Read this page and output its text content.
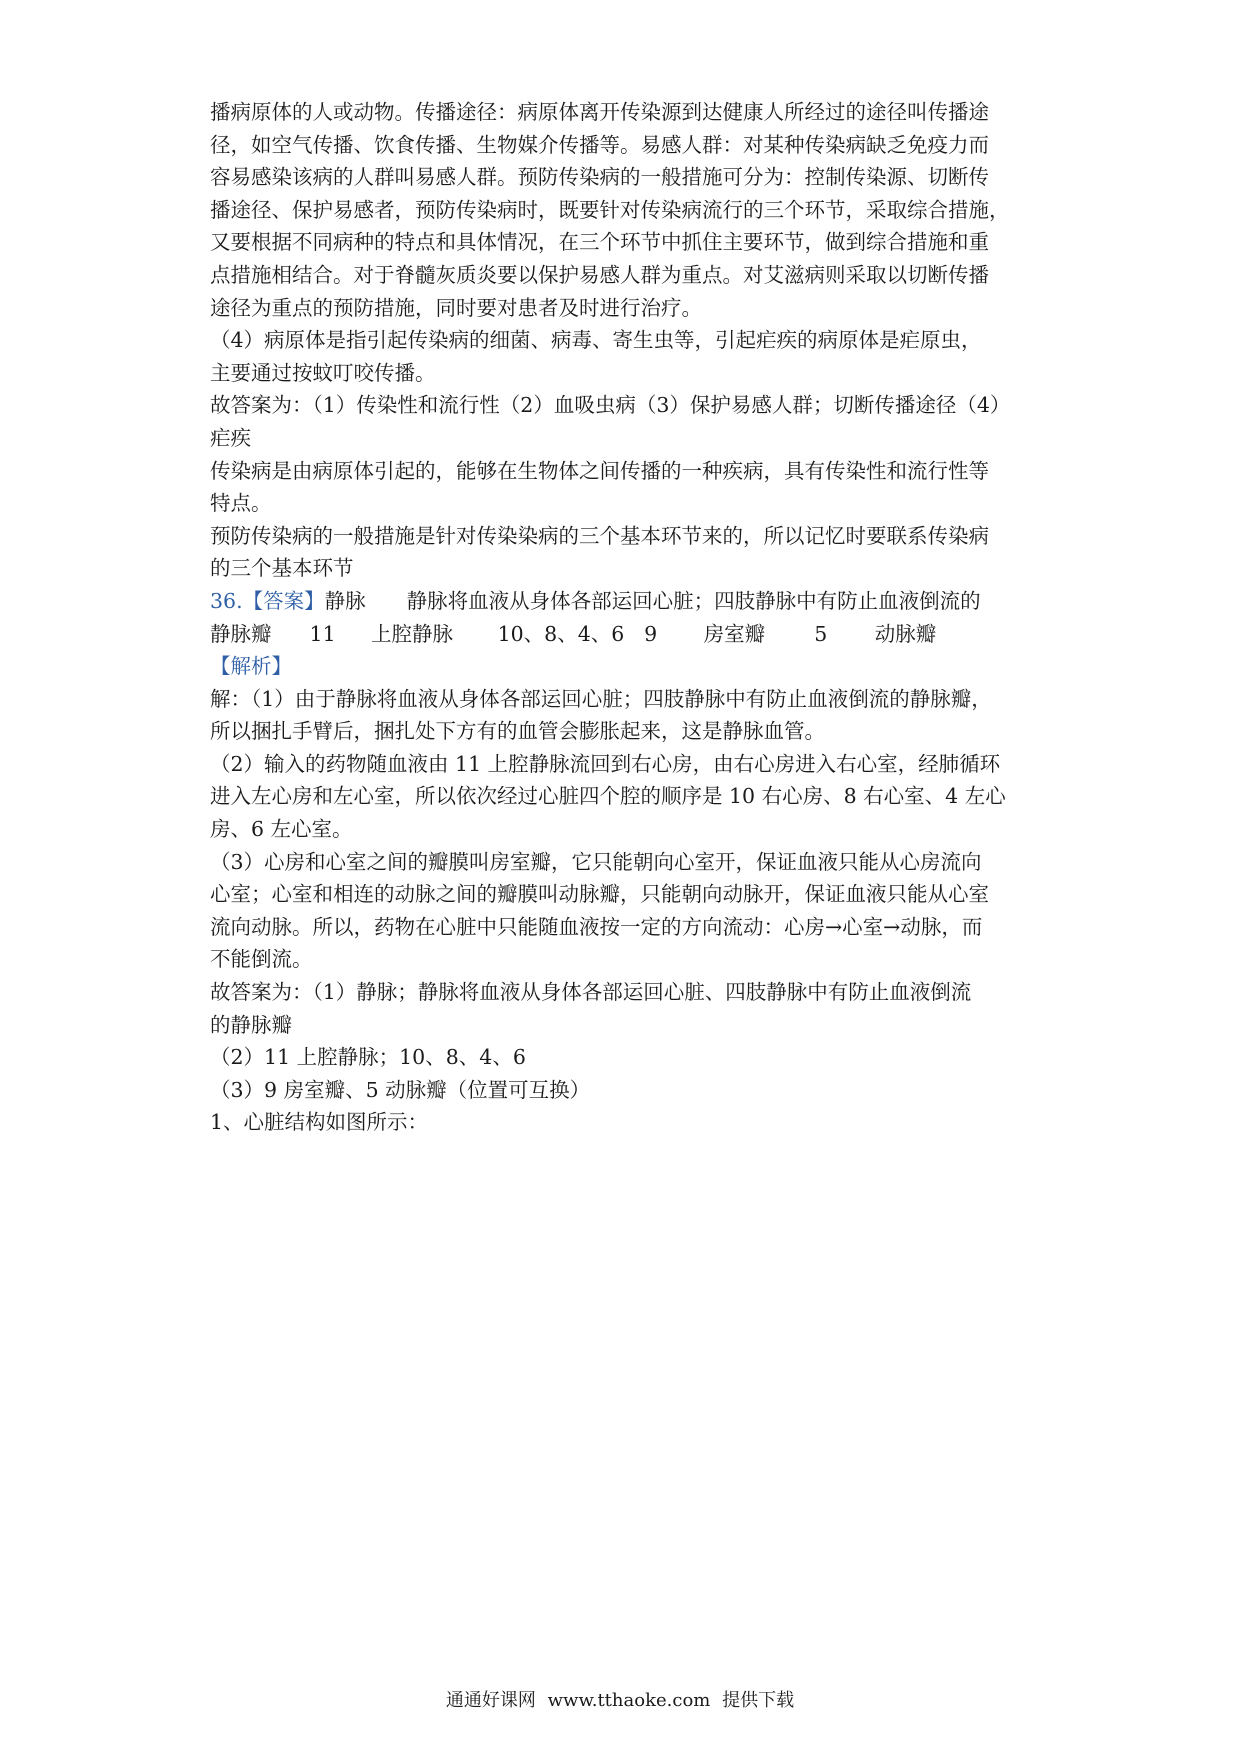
播病原体的人或动物。传播途径：病原体离开传染源到达健康人所经过的途径叫传播途
径，如空气传播、饮食传播、生物媒介传播等。易感人群：对某种传染病缺乏免疫力而
容易感染该病的人群叫易感人群。预防传染病的一般措施可分为：控制传染源、切断传
播途径、保护易感者，预防传染病时，既要针对传染病流行的三个环节，采取综合措施，
又要根据不同病种的特点和具体情况，在三个环节中抓住主要环节，做到综合措施和重
点措施相结合。对于脊髓灰质炎要以保护易感人群为重点。对艾滋病则采取以切断传播
途径为重点的预防措施，同时要对患者及时进行治疗。
（4）病原体是指引起传染病的细菌、病毒、寄生虫等，引起疟疾的病原体是疟原虫，
主要通过按蚊叮咬传播。
故答案为：（1）传染性和流行性（2）血吸虫病（3）保护易感人群；切断传播途径（4）
疟疾
传染病是由病原体引起的，能够在生物体之间传播的一种疾病，具有传染性和流行性等
特点。
预防传染病的一般措施是针对传染染病的三个基本环节来的，所以记忆时要联系传染病
的三个基本环节
36.【答案】静脉　　静脉将血液从身体各部运回心脏；四肢静脉中有防止血液倒流的
静脉瓣 11 上腔静脉 10、8、4、6 9 房室瓣 5 动脉瓣
【解析】
解：（1）由于静脉将血液从身体各部运回心脏；四肢静脉中有防止血液倒流的静脉瓣，
所以捆扎手臂后，捆扎处下方有的血管会膨胀起来，这是静脉血管。
（2）输入的药物随血液由 11 上腔静脉流回到右心房，由右心房进入右心室，经肺循环
进入左心房和左心室，所以依次经过心脏四个腔的顺序是 10 右心房、8 右心室、4 左心
房、6 左心室。
（3）心房和心室之间的瓣膜叫房室瓣，它只能朝向心室开，保证血液只能从心房流向
心室；心室和相连的动脉之间的瓣膜叫动脉瓣，只能朝向动脉开，保证血液只能从心室
流向动脉。所以，药物在心脏中只能随血液按一定的方向流动：心房→心室→动脉，而
不能倒流。
故答案为：（1）静脉；静脉将血液从身体各部运回心脏、四肢静脉中有防止血液倒流
的静脉瓣
（2）11 上腔静脉；10、8、4、6
（3）9 房室瓣、5 动脉瓣（位置可互换）
1、心脏结构如图所示：
通通好课网 www.tthaoke.com 提供下载
